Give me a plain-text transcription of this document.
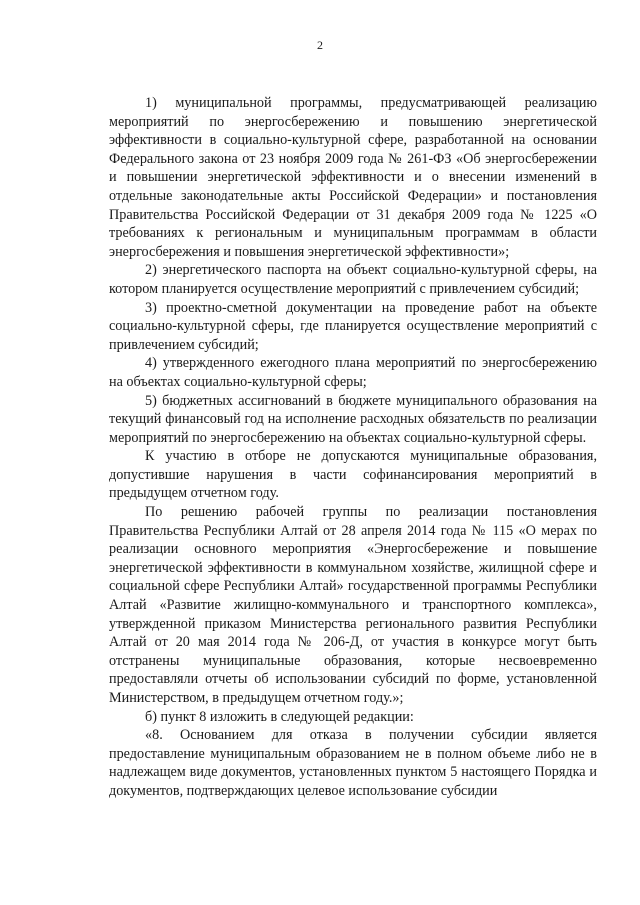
2

1) муниципальной программы, предусматривающей реализацию мероприятий по энергосбережению и повышению энергетической эффективности в социально-культурной сфере, разработанной на основании Федерального закона от 23 ноября 2009 года № 261-ФЗ «Об энергосбережении и повышении энергетической эффективности и о внесении изменений в отдельные законодательные акты Российской Федерации» и постановления Правительства Российской Федерации от 31 декабря 2009 года № 1225 «О требованиях к региональным и муниципальным программам в области энергосбережения и повышения энергетической эффективности»;

2) энергетического паспорта на объект социально-культурной сферы, на котором планируется осуществление мероприятий с привлечением субсидий;

3) проектно-сметной документации на проведение работ на объекте социально-культурной сферы, где планируется осуществление мероприятий с привлечением субсидий;

4) утвержденного ежегодного плана мероприятий по энергосбережению на объектах социально-культурной сферы;

5) бюджетных ассигнований в бюджете муниципального образования на текущий финансовый год на исполнение расходных обязательств по реализации мероприятий по энергосбережению на объектах социально-культурной сферы.

К участию в отборе не допускаются муниципальные образования, допустившие нарушения в части софинансирования мероприятий в предыдущем отчетном году.

По решению рабочей группы по реализации постановления Правительства Республики Алтай от 28 апреля 2014 года № 115 «О мерах по реализации основного мероприятия «Энергосбережение и повышение энергетической эффективности в коммунальном хозяйстве, жилищной сфере и социальной сфере Республики Алтай» государственной программы Республики Алтай «Развитие жилищно-коммунального и транспортного комплекса», утвержденной приказом Министерства регионального развития Республики Алтай от 20 мая 2014 года № 206-Д, от участия в конкурсе могут быть отстранены муниципальные образования, которые несвоевременно предоставляли отчеты об использовании субсидий по форме, установленной Министерством, в предыдущем отчетном году.»;

б) пункт 8 изложить в следующей редакции:

«8. Основанием для отказа в получении субсидии является предоставление муниципальным образованием не в полном объеме либо не в надлежащем виде документов, установленных пунктом 5 настоящего Порядка и документов, подтверждающих целевое использование субсидии
